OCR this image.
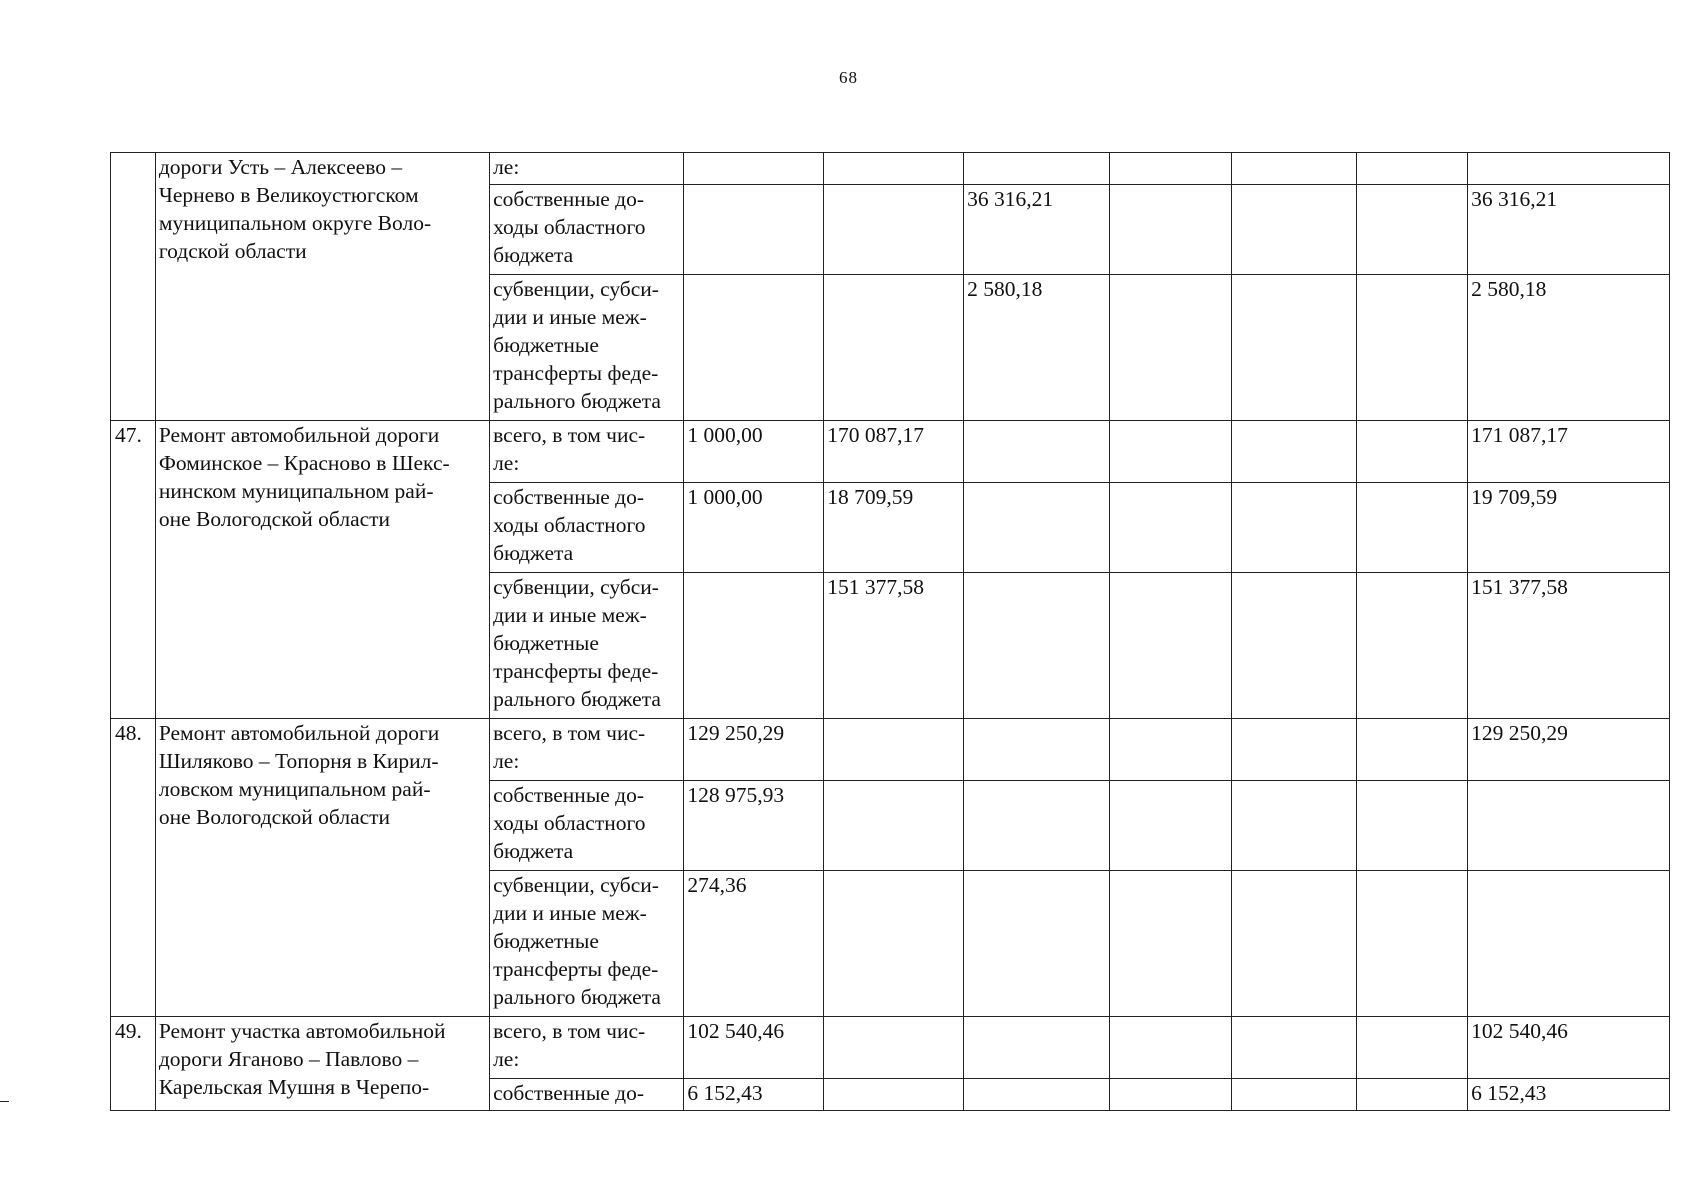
68

	дороги Усть – Алексеево –
Чернево в Великоустюгском
муниципальном округе Воло-
годской области	ле:							

		собственные до-
ходы областного
бюджета			36 316,21				36 316,21

		субвенции, субси-
дии и иные меж-
бюджетные
трансферты феде-
рального бюджета			2 580,18				2 580,18
47.	Ремонт автомобильной дороги
Фоминское – Красново в Шекс-
нинском муниципальном рай-
оне Вологодской области	всего, в том чис-
ле:	1 000,00	170 087,17					171 087,17

		собственные до-
ходы областного
бюджета	1 000,00	18 709,59					19 709,59

		субвенции, субси-
дии и иные меж-
бюджетные
трансферты феде-
рального бюджета		151 377,58					151 377,58
48.	Ремонт автомобильной дороги
Шиляково – Топорня в Кирил-
ловском муниципальном рай-
оне Вологодской области	всего, в том чис-
ле:	129 250,29						129 250,29

		собственные до-
ходы областного
бюджета	128 975,93						

		субвенции, субси-
дии и иные меж-
бюджетные
трансферты феде-
рального бюджета	274,36						
49.	Ремонт участка автомобильной
дороги Ягановo – Павлово –
Карельская Мушня в Черепо-	всего, в том чис-
ле:	102 540,46						102 540,46

		собственные до-	6 152,43						6 152,43
